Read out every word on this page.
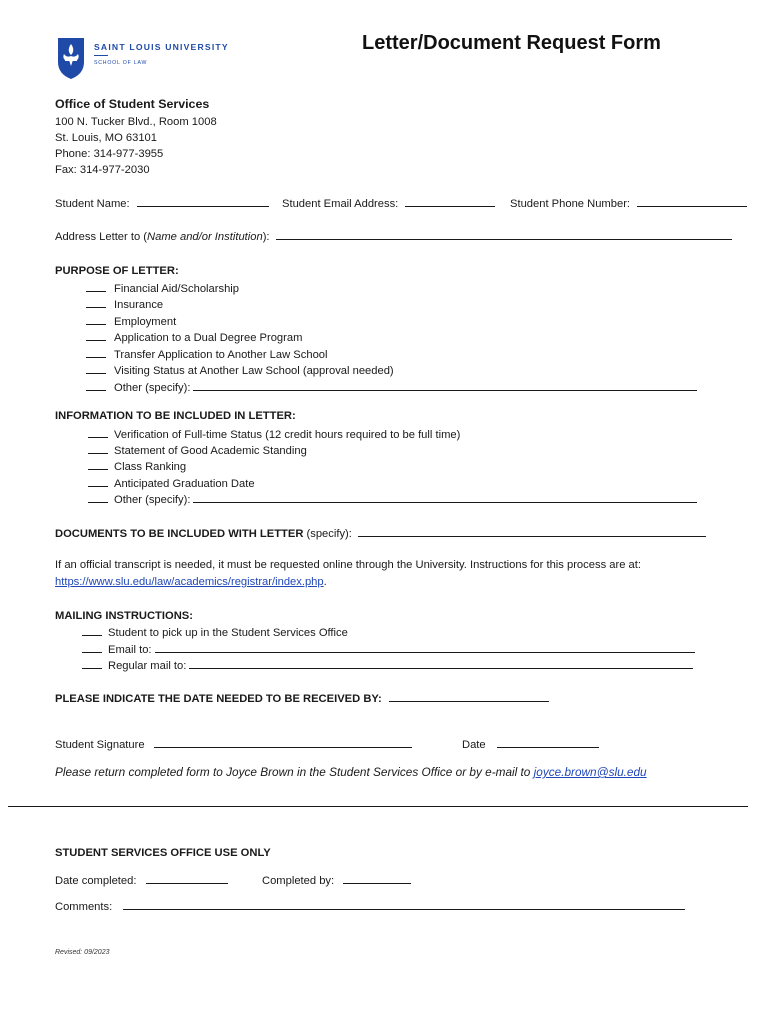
SAINT LOUIS UNIVERSITY
SCHOOL OF LAW
Letter/Document Request Form
Office of Student Services
100 N. Tucker Blvd., Room 1008
St. Louis, MO 63101
Phone: 314-977-3955
Fax: 314-977-2030
Student Name:	Student Email Address:	Student Phone Number:
Address Letter to (Name and/or Institution):
PURPOSE OF LETTER:
Financial Aid/Scholarship
Insurance
Employment
Application to a Dual Degree Program
Transfer Application to Another Law School
Visiting Status at Another Law School (approval needed)
Other (specify):
INFORMATION TO BE INCLUDED IN LETTER:
Verification of Full-time Status (12 credit hours required to be full time)
Statement of Good Academic Standing
Class Ranking
Anticipated Graduation Date
Other (specify):
DOCUMENTS TO BE INCLUDED WITH LETTER (specify):
If an official transcript is needed, it must be requested online through the University. Instructions for this process are at:
https://www.slu.edu/law/academics/registrar/index.php.
MAILING INSTRUCTIONS:
Student to pick up in the Student Services Office
Email to:
Regular mail to:
PLEASE INDICATE THE DATE NEEDED TO BE RECEIVED BY:
Student Signature	Date
Please return completed form to Joyce Brown in the Student Services Office or by e-mail to joyce.brown@slu.edu
STUDENT SERVICES OFFICE USE ONLY
Date completed:	Completed by:
Comments:
Revised: 09/2023
